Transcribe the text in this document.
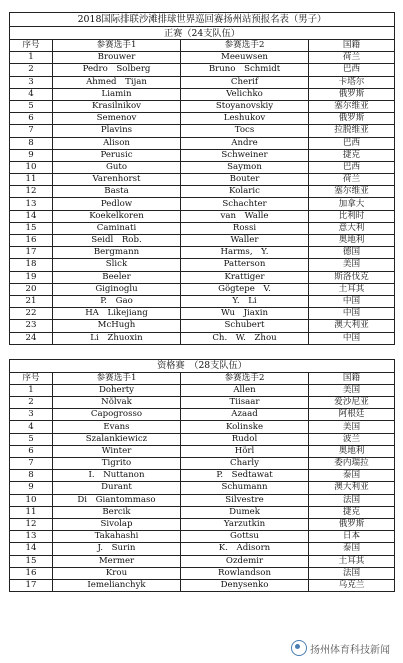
2018国际排联沙滩排球世界巡回赛扬州站预报名表（男子）			
正赛（24支队伍）			
序号	参赛选手1	参赛选手2	国籍
1	Brouwer	Meeuwsen	荷兰
2	Pedro　Solberg	Bruno　Schmidt	巴西
3	Ahmed　Tijan	Cherif	卡塔尔
4	Liamin	Velichko	俄罗斯
5	Krasilnikov	Stoyanovskiy	塞尔维亚
6	Semenov	Leshukov	俄罗斯
7	Plavins	Tocs	拉脱维亚
8	Alison	Andre	巴西
9	Perusic	Schweiner	捷克
10	Guto	Saymon	巴西
11	Varenhorst	Bouter	荷兰
12	Basta	Kolaric	塞尔维亚
13	Pedlow	Schachter	加拿大
14	Koekelkoren	van　Walle	比利时
15	Caminati	Rossi	意大利
16	Seidl　Rob.	Waller	奥地利
17	Bergmann	Harms,　Y.	德国
18	Slick	Patterson	美国
19	Beeler	Krattiger	斯洛伐克
20	Giginoglu	Gögtepe　V.	土耳其
21	P.　Gao	Y.　Li	中国
22	HA　Likejiang	Wu　Jiaxin	中国
23	McHugh	Schubert	澳大利亚
24	Li　Zhuoxin	Ch.　W.　Zhou	中国

资格赛　（28支队伍）			
序号	参赛选手1	参赛选手2	国籍
1	Doherty	Allen	美国
2	Nõlvak	Tiisaar	爱沙尼亚
3	Capogrosso	Azaad	阿根廷
4	Evans	Kolinske	美国
5	Szalankiewicz	Rudol	波兰
6	Winter	Hörl	奥地利
7	Tigrito	Charly	委内瑞拉
8	I.　Nuttanon	P.　Sedtawat	泰国
9	Durant	Schumann	澳大利亚
10	Di　Giantommaso	Silvestre	法国
11	Bercik	Dumek	捷克
12	Sivolap	Yarzutkin	俄罗斯
13	Takahashi	Gottsu	日本
14	J.　Surin	K.　Adisorn	泰国
15	Mermer	Ozdemir	土耳其
16	Krou	Rowlandson	法国
17	Iemelianchyk	Denysenko	乌克兰
扬州体育科技新闻
